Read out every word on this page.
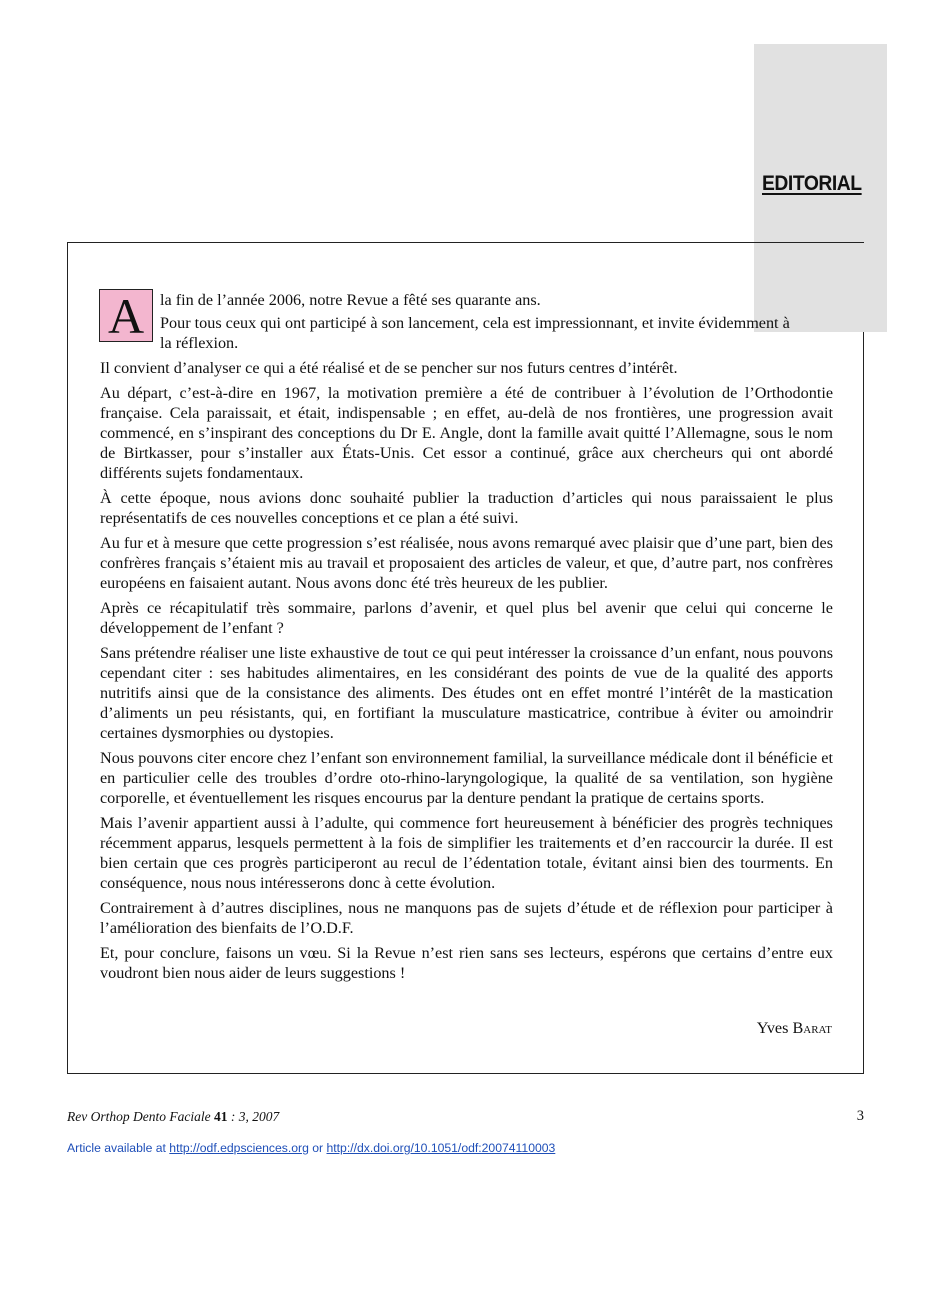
EDITORIAL
A la fin de l’année 2006, notre Revue a fêté ses quarante ans.

Pour tous ceux qui ont participé à son lancement, cela est impressionnant, et invite évidemment à la réflexion.

Il convient d’analyser ce qui a été réalisé et de se pencher sur nos futurs centres d’intérêt.

Au départ, c’est-à-dire en 1967, la motivation première a été de contribuer à l’évolution de l’Orthodontie française. Cela paraissait, et était, indispensable ; en effet, au-delà de nos frontières, une progression avait commencé, en s’inspirant des conceptions du Dr E. Angle, dont la famille avait quitté l’Allemagne, sous le nom de Birtkasser, pour s’installer aux États-Unis. Cet essor a continué, grâce aux chercheurs qui ont abordé différents sujets fondamentaux.

À cette époque, nous avions donc souhaité publier la traduction d’articles qui nous paraissaient le plus représentatifs de ces nouvelles conceptions et ce plan a été suivi.

Au fur et à mesure que cette progression s’est réalisée, nous avons remarqué avec plaisir que d’une part, bien des confrères français s’étaient mis au travail et proposaient des articles de valeur, et que, d’autre part, nos confrères européens en faisaient autant. Nous avons donc été très heureux de les publier.

Après ce récapitulatif très sommaire, parlons d’avenir, et quel plus bel avenir que celui qui concerne le développement de l’enfant ?

Sans prétendre réaliser une liste exhaustive de tout ce qui peut intéresser la croissance d’un enfant, nous pouvons cependant citer : ses habitudes alimentaires, en les considérant des points de vue de la qualité des apports nutritifs ainsi que de la consistance des aliments. Des études ont en effet montré l’intérêt de la mastication d’aliments un peu résistants, qui, en fortifiant la musculature masticatrice, contribue à éviter ou amoindrir certaines dysmorphies ou dystopies.

Nous pouvons citer encore chez l’enfant son environnement familial, la surveillance médicale dont il bénéficie et en particulier celle des troubles d’ordre oto-rhino-laryngologique, la qualité de sa ventilation, son hygiène corporelle, et éventuellement les risques encourus par la denture pendant la pratique de certains sports.

Mais l’avenir appartient aussi à l’adulte, qui commence fort heureusement à bénéficier des progrès techniques récemment apparus, lesquels permettent à la fois de simplifier les traitements et d’en raccourcir la durée. Il est bien certain que ces progrès participeront au recul de l’édentation totale, évitant ainsi bien des tourments. En conséquence, nous nous intéresserons donc à cette évolution.

Contrairement à d’autres disciplines, nous ne manquons pas de sujets d’étude et de réflexion pour participer à l’amélioration des bienfaits de l’O.D.F.

Et, pour conclure, faisons un vœu. Si la Revue n’est rien sans ses lecteurs, espérons que certains d’entre eux voudront bien nous aider de leurs suggestions !

Yves Barat
Rev Orthop Dento Faciale 41 : 3, 2007	3
Article available at http://odf.edpsciences.org or http://dx.doi.org/10.1051/odf:20074110003
